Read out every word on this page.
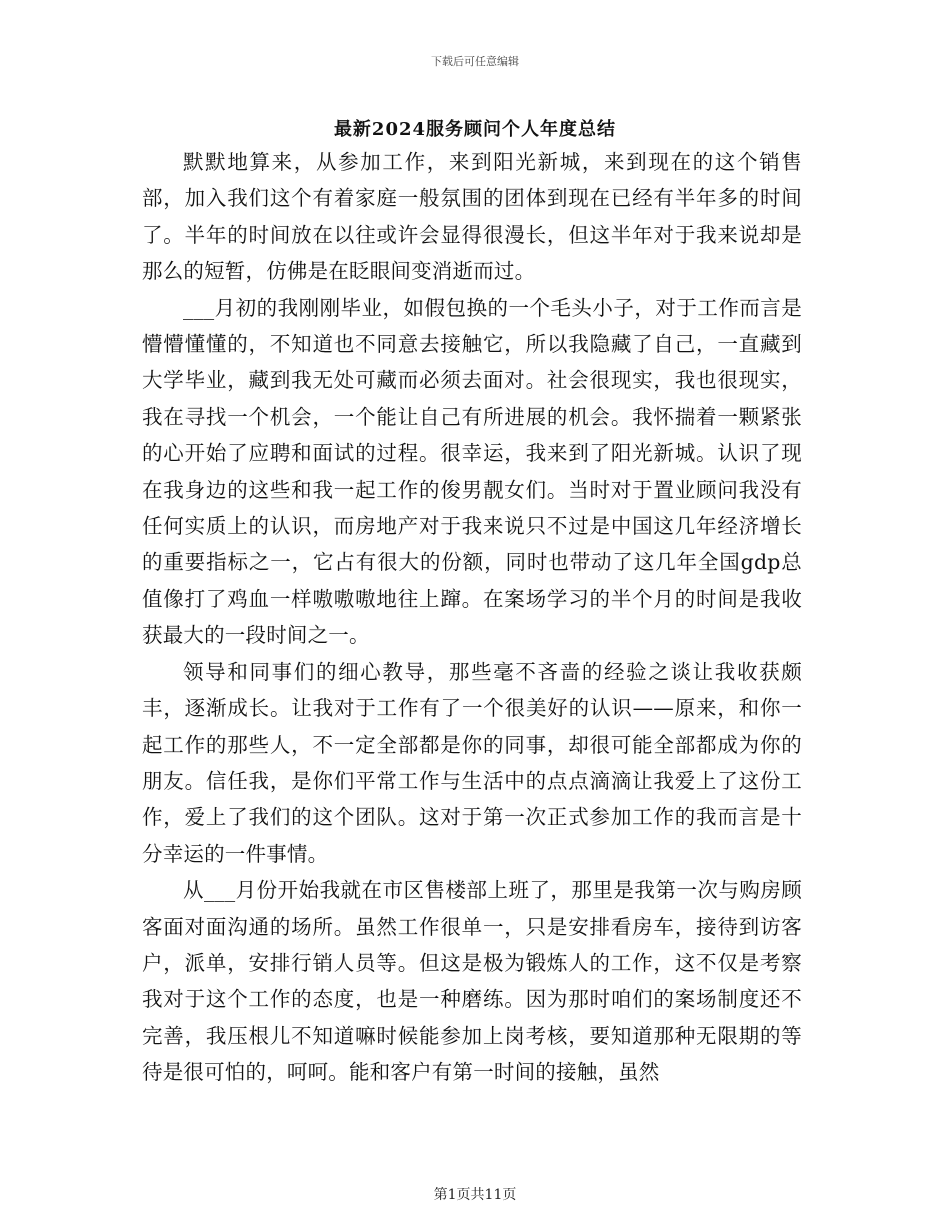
下载后可任意编辑
最新2024服务顾问个人年度总结

默默地算来，从参加工作，来到阳光新城，来到现在的这个销售部，加入我们这个有着家庭一般氛围的团体到现在已经有半年多的时间了。半年的时间放在以往或许会显得很漫长，但这半年对于我来说却是那么的短暂，仿佛是在眨眼间变消逝而过。

___月初的我刚刚毕业，如假包换的一个毛头小子，对于工作而言是懵懵懂懂的，不知道也不同意去接触它，所以我隐藏了自己，一直藏到大学毕业，藏到我无处可藏而必须去面对。社会很现实，我也很现实，我在寻找一个机会，一个能让自己有所进展的机会。我怀揣着一颗紧张的心开始了应聘和面试的过程。很幸运，我来到了阳光新城。认识了现在我身边的这些和我一起工作的俊男靓女们。当时对于置业顾问我没有任何实质上的认识，而房地产对于我来说只不过是中国这几年经济增长的重要指标之一，它占有很大的份额，同时也带动了这几年全国gdp总值像打了鸡血一样嗷嗷嗷地往上蹿。在案场学习的半个月的时间是我收获最大的一段时间之一。

领导和同事们的细心教导，那些毫不吝啬的经验之谈让我收获颇丰，逐渐成长。让我对于工作有了一个很美好的认识——原来，和你一起工作的那些人，不一定全部都是你的同事，却很可能全部都成为你的朋友。信任我，是你们平常工作与生活中的点点滴滴让我爱上了这份工作，爱上了我们的这个团队。这对于第一次正式参加工作的我而言是十分幸运的一件事情。

从___月份开始我就在市区售楼部上班了，那里是我第一次与购房顾客面对面沟通的场所。虽然工作很单一，只是安排看房车，接待到访客户，派单，安排行销人员等。但这是极为锻炼人的工作，这不仅是考察我对于这个工作的态度，也是一种磨练。因为那时咱们的案场制度还不完善，我压根儿不知道嘛时候能参加上岗考核，要知道那种无限期的等待是很可怕的，呵呵。能和客户有第一时间的接触，虽然

第1页共11页
